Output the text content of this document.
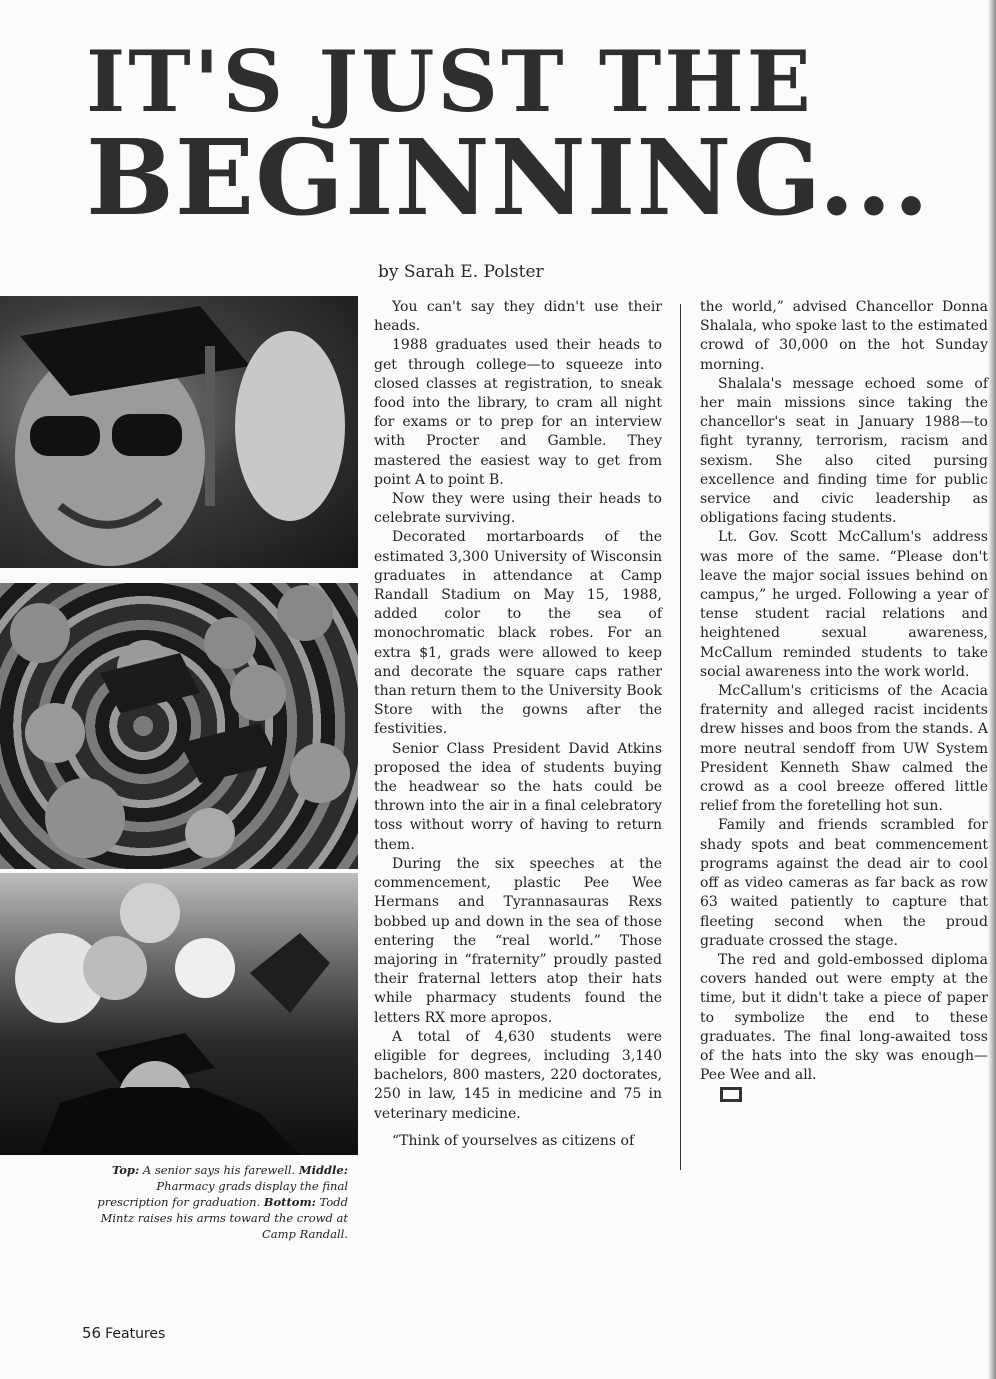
IT'S JUST THE
BEGINNING...
by Sarah E. Polster
Top: A senior says his farewell. Middle: Pharmacy grads display the final prescription for graduation. Bottom: Todd Mintz raises his arms toward the crowd at Camp Randall.

You can't say they didn't use their heads.

1988 graduates used their heads to get through college—to squeeze into closed classes at registration, to sneak food into the library, to cram all night for exams or to prep for an interview with Procter and Gamble. They mastered the easiest way to get from point A to point B.

Now they were using their heads to celebrate surviving.

Decorated mortarboards of the estimated 3,300 University of Wisconsin graduates in attendance at Camp Randall Stadium on May 15, 1988, added color to the sea of monochromatic black robes. For an extra $1, grads were allowed to keep and decorate the square caps rather than return them to the University Book Store with the gowns after the festivities.

Senior Class President David Atkins proposed the idea of students buying the headwear so the hats could be thrown into the air in a final celebratory toss without worry of having to return them.

During the six speeches at the commencement, plastic Pee Wee Hermans and Tyrannasauras Rexs bobbed up and down in the sea of those entering the “real world.” Those majoring in “fraternity” proudly pasted their fraternal letters atop their hats while pharmacy students found the letters RX more apropos.

A total of 4,630 students were eligible for degrees, including 3,140 bachelors, 800 masters, 220 doctorates, 250 in law, 145 in medicine and 75 in veterinary medicine.

“Think of yourselves as citizens of

the world,” advised Chancellor Donna Shalala, who spoke last to the estimated crowd of 30,000 on the hot Sunday morning.

Shalala's message echoed some of her main missions since taking the chancellor's seat in January 1988—to fight tyranny, terrorism, racism and sexism. She also cited pursing excellence and finding time for public service and civic leadership as obligations facing students.

Lt. Gov. Scott McCallum's address was more of the same. “Please don't leave the major social issues behind on campus,” he urged. Following a year of tense student racial relations and heightened sexual awareness, McCallum reminded students to take social awareness into the work world.

McCallum's criticisms of the Acacia fraternity and alleged racist incidents drew hisses and boos from the stands. A more neutral sendoff from UW System President Kenneth Shaw calmed the crowd as a cool breeze offered little relief from the foretelling hot sun.

Family and friends scrambled for shady spots and beat commencement programs against the dead air to cool off as video cameras as far back as row 63 waited patiently to capture that fleeting second when the proud graduate crossed the stage.

The red and gold-embossed diploma covers handed out were empty at the time, but it didn't take a piece of paper to symbolize the end to these graduates. The final long-awaited toss of the hats into the sky was enough—Pee Wee and all.

56 Features
